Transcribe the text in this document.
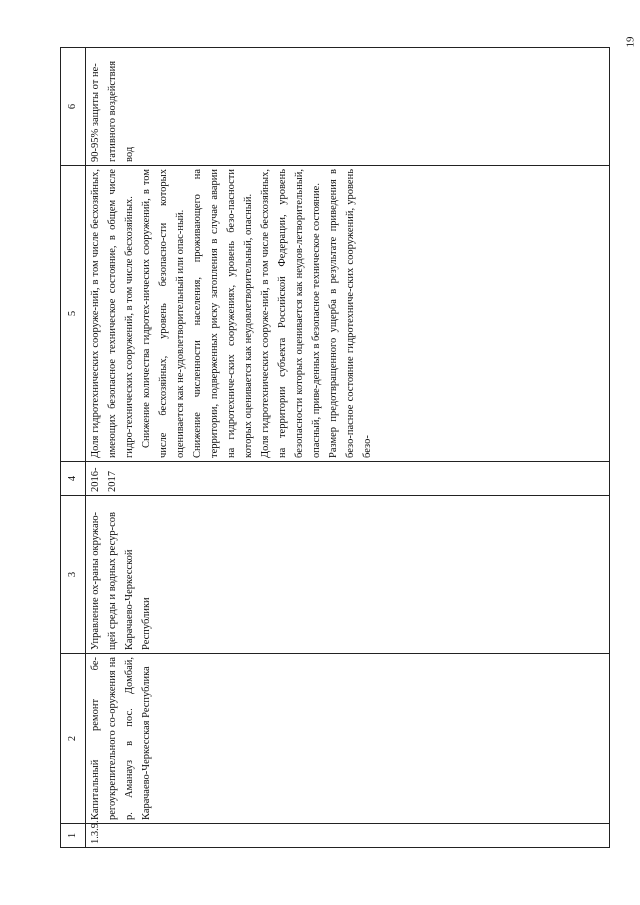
19
1	2	3	4	5	6
1.3.9.	Капитальный ремонт бе-регоукрепительного со-оружения на р. Аманауз в пос. Домбай, Карачаево-Черкесская Республика	Управление ох-раны окружаю-щей среды и водных ресур-сов Карачаево-Черкесской Республики	2016-2017	Доля гидротехнических сооруже-ний, в том числе бесхозяйных, имеющих безопасное техническое состояние, в общем числе гидро-технических сооружений, в том числе бесхозяйных. Снижение количества гидротех-нических сооружений, в том числе бесхозяйных, уровень безопасно-сти которых оценивается как не-удовлетворительный или опас-ный. Снижение численности населения, проживающего на территории, подверженных риску затопления в случае аварии на гидротехниче-ских сооружениях, уровень безо-пасности которых оценивается как неудовлетворительный, опасный. Доля гидротехнических сооруже-ний, в том числе бесхозяйных, на территории субъекта Российской Федерации, уровень безопасности которых оценивается как неудов-летворительный, опасный, приве-денных в безопасное техническое состояние. Размер предотвращенного ущерба в результате приведения в безо-пасное состояние гидротехниче-ских сооружений, уровень безо-	90-95% защиты от не-гативного воздействия вод
